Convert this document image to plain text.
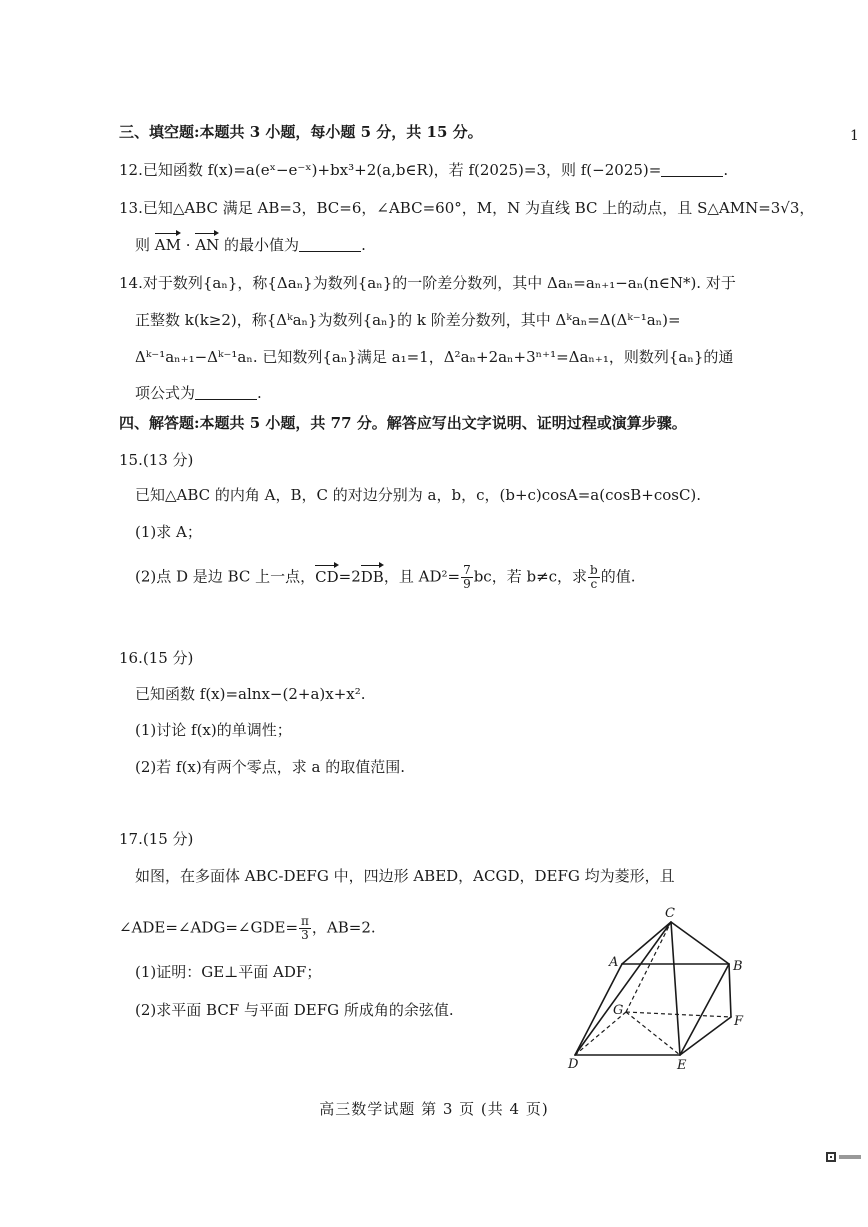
1
三、填空题:本题共 3 小题，每小题 5 分，共 15 分。
12.已知函数 f(x)=a(eˣ−e⁻ˣ)+bx³+2(a,b∈R)，若 f(2025)=3，则 f(−2025)=	.
13.已知△ABC 满足 AB=3，BC=6，∠ABC=60°，M，N 为直线 BC 上的动点，且 S△AMN=3√3，
则 AM · AN 的最小值为	.
14.对于数列{aₙ}，称{Δaₙ}为数列{aₙ}的一阶差分数列，其中 Δaₙ=aₙ₊₁−aₙ(n∈N*). 对于
正整数 k(k≥2)，称{Δᵏaₙ}为数列{aₙ}的 k 阶差分数列，其中 Δᵏaₙ=Δ(Δᵏ⁻¹aₙ)=
Δᵏ⁻¹aₙ₊₁−Δᵏ⁻¹aₙ. 已知数列{aₙ}满足 a₁=1，Δ²aₙ+2aₙ+3ⁿ⁺¹=Δaₙ₊₁，则数列{aₙ}的通
项公式为	.
四、解答题:本题共 5 小题，共 77 分。解答应写出文字说明、证明过程或演算步骤。
15.(13 分)
已知△ABC 的内角 A，B，C 的对边分别为 a，b，c，(b+c)cosA=a(cosB+cosC).
(1)求 A；
(2)点 D 是边 BC 上一点，CD=2DB，且 $AD^2= \frac{7}{9}$ bc，若 b≠c，求 $\frac{b}{c}$ 的值.
16.(15 分)
已知函数 f(x)=alnx−(2+a)x+x².
(1)讨论 f(x)的单调性；
(2)若 f(x)有两个零点，求 a 的取值范围.
17.(15 分)
如图，在多面体 ABC-DEFG 中，四边形 ABED，ACGD，DEFG 均为菱形，且
∠ADE=∠ADG=∠GDE= $\frac{\pi}{3}$ ，AB=2.
(1)证明：GE⊥平面 ADF；
(2)求平面 BCF 与平面 DEFG 所成角的余弦值.
C
A	B
G
F
D	E
高三数学试题 第 3 页 (共 4 页)
